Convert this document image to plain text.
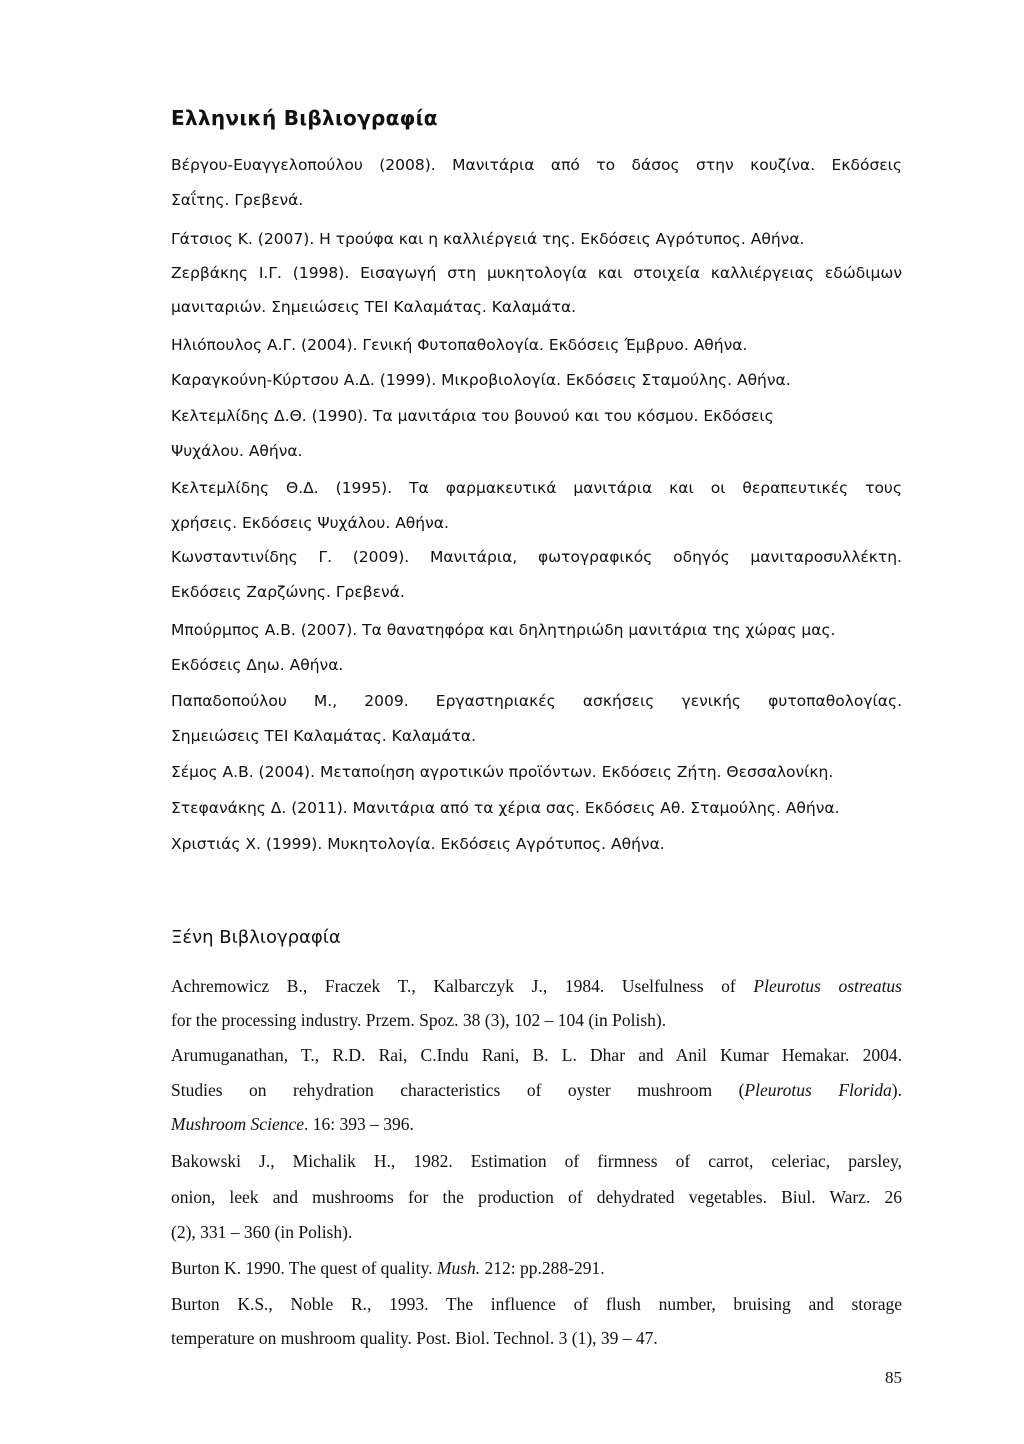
Ελληνική Βιβλιογραφία
Βέργου-Ευαγγελοπούλου (2008). Μανιτάρια από το δάσος στην κουζίνα. Εκδόσεις
Σαΐτης. Γρεβενά.
Γάτσιος Κ. (2007). Η τρούφα και η καλλιέργειά της. Εκδόσεις Αγρότυπος. Αθήνα.
Ζερβάκης Ι.Γ. (1998). Εισαγωγή στη μυκητολογία και στοιχεία καλλιέργειας εδώδιμων
μανιταριών. Σημειώσεις ΤΕΙ Καλαμάτας. Καλαμάτα.
Ηλιόπουλος Α.Γ. (2004). Γενική Φυτοπαθολογία. Εκδόσεις Έμβρυο. Αθήνα.
Καραγκούνη-Κύρτσου Α.Δ. (1999). Μικροβιολογία. Εκδόσεις Σταμούλης. Αθήνα.
Κελτεμλίδης Δ.Θ. (1990). Τα μανιτάρια του βουνού και του κόσμου. Εκδόσεις
Ψυχάλου. Αθήνα.
Κελτεμλίδης Θ.Δ. (1995). Τα φαρμακευτικά μανιτάρια και οι θεραπευτικές τους
χρήσεις. Εκδόσεις Ψυχάλου. Αθήνα.
Κωνσταντινίδης Γ. (2009). Μανιτάρια, φωτογραφικός οδηγός μανιταροσυλλέκτη.
Εκδόσεις Ζαρζώνης. Γρεβενά.
Μπούρμπος Α.Β. (2007). Τα θανατηφόρα και δηλητηριώδη μανιτάρια της χώρας μας.
Εκδόσεις Δηω. Αθήνα.
Παπαδοπούλου Μ., 2009. Εργαστηριακές ασκήσεις γενικής φυτοπαθολογίας.
Σημειώσεις ΤΕΙ Καλαμάτας. Καλαμάτα.
Σέμος Α.Β. (2004). Μεταποίηση αγροτικών προϊόντων. Εκδόσεις Ζήτη. Θεσσαλονίκη.
Στεφανάκης Δ. (2011). Μανιτάρια από τα χέρια σας. Εκδόσεις Αθ. Σταμούλης. Αθήνα.
Χριστιάς Χ. (1999). Μυκητολογία. Εκδόσεις Αγρότυπος. Αθήνα.
Ξένη Βιβλιογραφία
Achremowicz B., Fraczek T., Kalbarczyk J., 1984. Uselfulness of Pleurotus ostreatus
for the processing industry. Przem. Spoz. 38 (3), 102 – 104 (in Polish).
Arumuganathan, T., R.D. Rai, C.Indu Rani, B. L. Dhar and Anil Kumar Hemakar. 2004.
Studies on rehydration characteristics of oyster mushroom (Pleurotus Florida).
Mushroom Science. 16: 393 – 396.
Bakowski J., Michalik H., 1982. Estimation of firmness of carrot, celeriac, parsley,
onion, leek and mushrooms for the production of dehydrated vegetables. Biul. Warz. 26
(2), 331 – 360 (in Polish).
Burton K. 1990. The quest of quality. Mush. 212: pp.288-291.
Burton K.S., Noble R., 1993. The influence of flush number, bruising and storage
temperature on mushroom quality. Post. Biol. Technol. 3 (1), 39 – 47.
85
